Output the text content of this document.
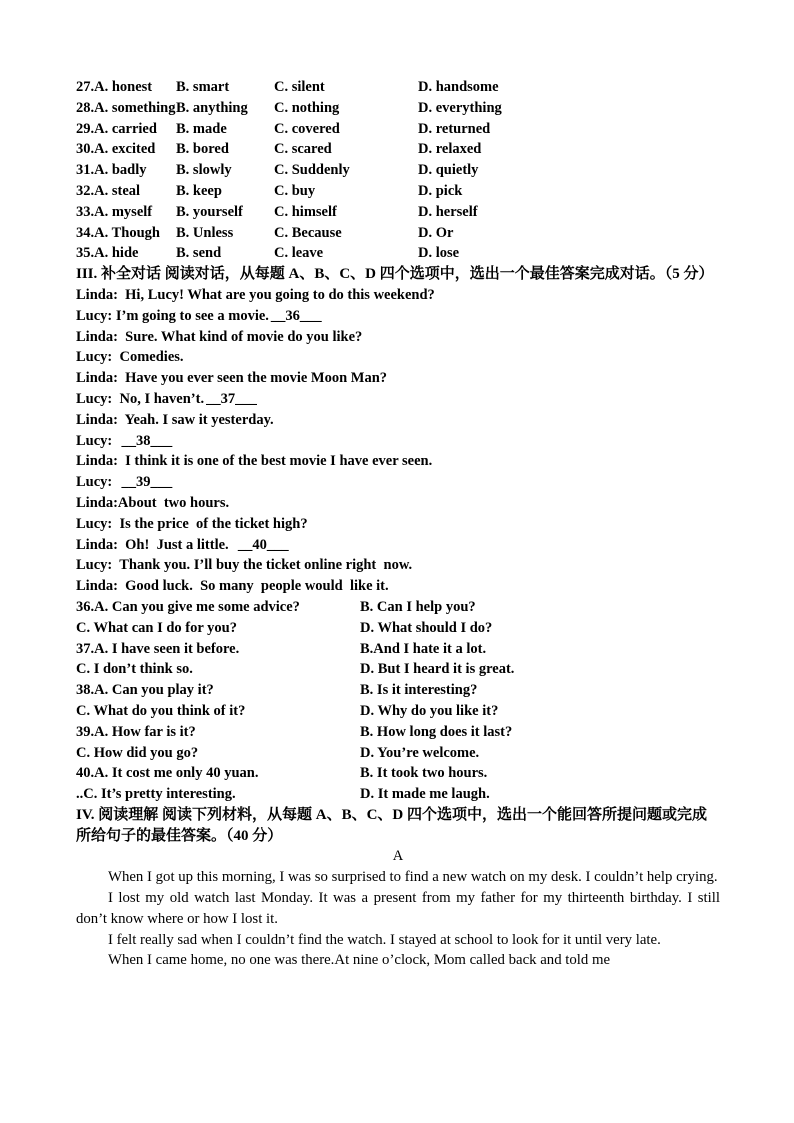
27.A. honest B. smart	C. silent	D. handsome
28.A. something B. anything C. nothing	D. everything
29.A. carried B. made	C. covered	D. returned
30.A. excited B. bored	C. scared	D. relaxed
31.A. badly B. slowly	C. Suddenly	D. quietly
32.A. steal B. keep	C. buy	D. pick
33.A. myself B. yourself C. himself	D. herself
34.A. Though B. Unless	C. Because	D. Or
35.A. hide	B. send	C. leave	D. lose
III. 补全对话 阅读对话，从每题 A、B、C、D 四个选项中，选出一个最佳答案完成对话。（5 分）
Linda:  Hi, Lucy! What are you going to do this weekend?
Lucy: I’m going to see a movie. __36___
Linda:  Sure. What kind of movie do you like?
Lucy:  Comedies.
Linda:  Have you ever seen the movie Moon Man?
Lucy:  No, I haven’t. __37___
Linda:  Yeah. I saw it yesterday.
Lucy:  __38___
Linda:  I think it is one of the best movie I have ever seen.
Lucy:  __39___
Linda:About  two hours.
Lucy:  Is the price  of the ticket high?
Linda:  Oh!  Just a little.  __40___
Lucy:  Thank you. I’ll buy the ticket online right  now.
Linda:  Good luck.  So many  people would  like it.
36.A. Can you give me some advice?	B. Can I help you?
C. What can I do for you?	D. What should I do?
37.A. I have seen it before.	B.And I hate it a lot.
C. I don’t think so.	D. But I heard it is great.
38.A. Can you play it?	B. Is it interesting?
C. What do you think of it?	D. Why do you like it?
39.A. How far is it?	B. How long does it last?
C. How did you go?	D. You’re welcome.
40.A. It cost me only 40 yuan.	B. It took two hours.
..C. It’s pretty interesting.	D. It made me laugh.
IV. 阅读理解 阅读下列材料，从每题 A、B、C、D 四个选项中，选出一个能回答所提问题或完成所给句子的最佳答案。（40 分）
A
When I got up this morning, I was so surprised to find a new watch on my desk. I couldn’t help crying.
I lost my old watch last Monday. It was a present from my father for my thirteenth birthday. I still don’t know where or how I lost it.
I felt really sad when I couldn’t find the watch. I stayed at school to look for it until very late.
When I came home, no one was there.At nine o’clock, Mom called back and told me
